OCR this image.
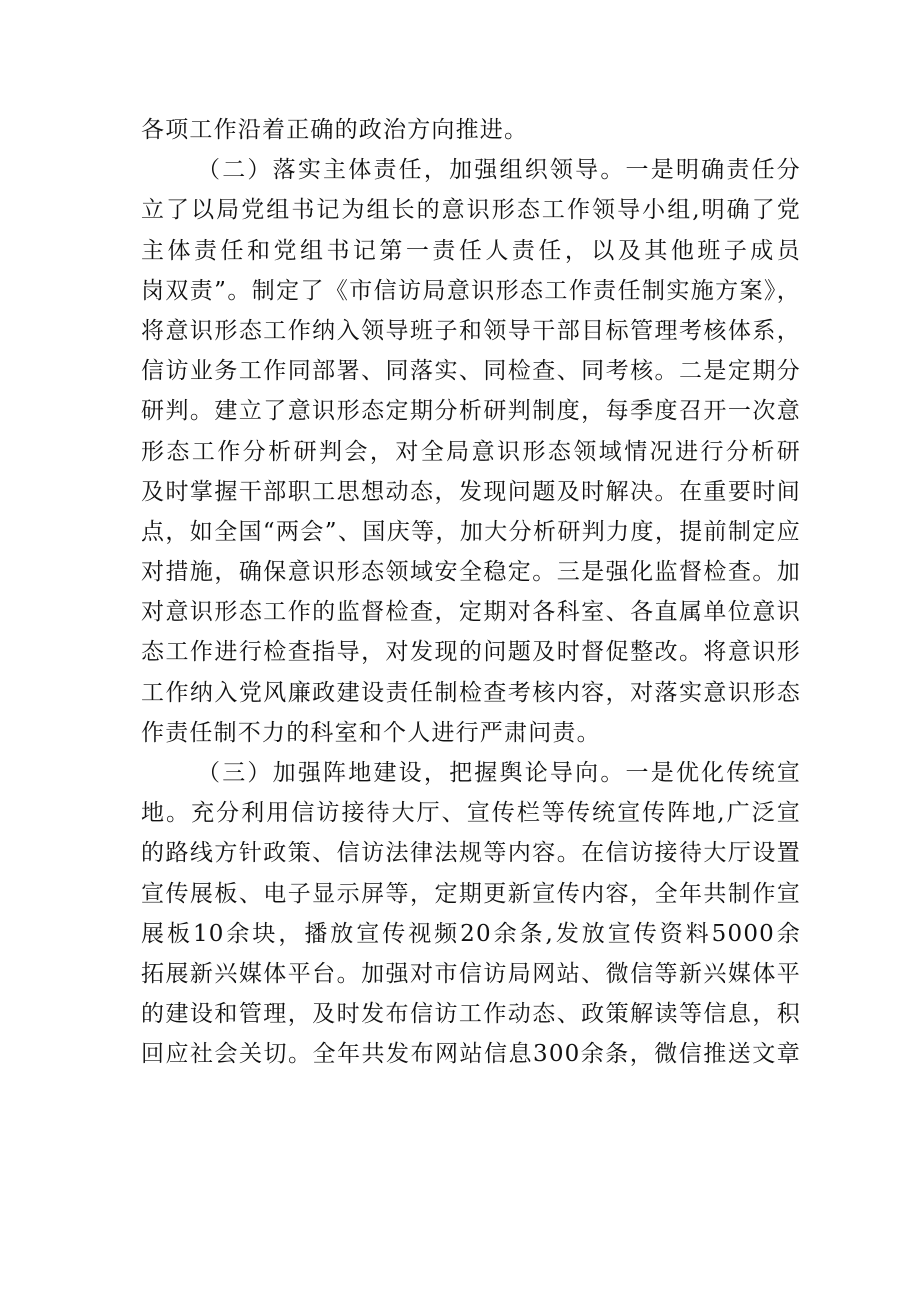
各项工作沿着正确的政治方向推进。
（二）落实主体责任，加强组织领导。一是明确责任分
立了以局党组书记为组长的意识形态工作领导小组,明确了党
主体责任和党组书记第一责任人责任，以及其他班子成员
岗双责”。制定了《市信访局意识形态工作责任制实施方案》，
将意识形态工作纳入领导班子和领导干部目标管理考核体系，
信访业务工作同部署、同落实、同检查、同考核。二是定期分
研判。建立了意识形态定期分析研判制度，每季度召开一次意
形态工作分析研判会，对全局意识形态领域情况进行分析研
及时掌握干部职工思想动态，发现问题及时解决。在重要时间
点，如全国“两会”、国庆等，加大分析研判力度，提前制定应
对措施，确保意识形态领域安全稳定。三是强化监督检查。加
对意识形态工作的监督检查，定期对各科室、各直属单位意识
态工作进行检查指导，对发现的问题及时督促整改。将意识形
工作纳入党风廉政建设责任制检查考核内容，对落实意识形态
作责任制不力的科室和个人进行严肃问责。
（三）加强阵地建设，把握舆论导向。一是优化传统宣
地。充分利用信访接待大厅、宣传栏等传统宣传阵地,广泛宣
的路线方针政策、信访法律法规等内容。在信访接待大厅设置
宣传展板、电子显示屏等，定期更新宣传内容，全年共制作宣
展板10余块，播放宣传视频20余条,发放宣传资料5000余
拓展新兴媒体平台。加强对市信访局网站、微信等新兴媒体平
的建设和管理，及时发布信访工作动态、政策解读等信息，积
回应社会关切。全年共发布网站信息300余条，微信推送文章
